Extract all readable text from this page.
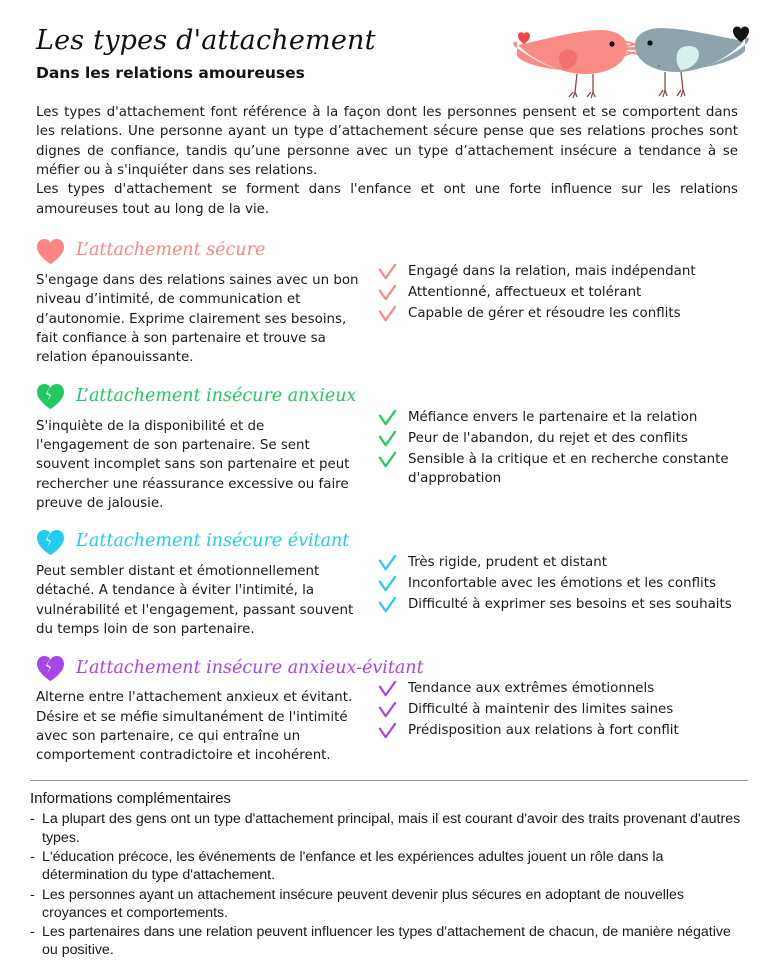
Les types d'attachement
Dans les relations amoureuses

Les types d'attachement font référence à la façon dont les personnes pensent et se comportent dans les relations. Une personne ayant un type d’attachement sécure pense que ses relations proches sont dignes de confiance, tandis qu’une personne avec un type d’attachement insécure a tendance à se méfier ou à s'inquiéter dans ses relations.

Les types d'attachement se forment dans l'enfance et ont une forte influence sur les relations amoureuses tout au long de la vie.

L’attachement sécure

S'engage dans des relations saines avec un bon niveau d’intimité, de communication et d’autonomie. Exprime clairement ses besoins, fait confiance à son partenaire et trouve sa relation épanouissante.

Engagé dans la relation, mais indépendant
Attentionné, affectueux et tolérant
Capable de gérer et résoudre les conflits
L’attachement insécure anxieux

S'inquiète de la disponibilité et de l'engagement de son partenaire. Se sent souvent incomplet sans son partenaire et peut rechercher une réassurance excessive ou faire preuve de jalousie.

Méfiance envers le partenaire et la relation
Peur de l'abandon, du rejet et des conflits
Sensible à la critique et en recherche constante d'approbation
L’attachement insécure évitant

Peut sembler distant et émotionnellement détaché. A tendance à éviter l'intimité, la vulnérabilité et l'engagement, passant souvent du temps loin de son partenaire.

Très rigide, prudent et distant
Inconfortable avec les émotions et les conflits
Difficulté à exprimer ses besoins et ses souhaits
L’attachement insécure anxieux-évitant

Alterne entre l'attachement anxieux et évitant. Désire et se méfie simultanément de l'intimité avec son partenaire, ce qui entraîne un comportement contradictoire et incohérent.

Tendance aux extrêmes émotionnels
Difficulté à maintenir des limites saines
Prédisposition aux relations à fort conflit
Informations complémentaires
- La plupart des gens ont un type d'attachement principal, mais il est courant d'avoir des traits provenant d'autres types.
- L'éducation précoce, les événements de l'enfance et les expériences adultes jouent un rôle dans la détermination du type d'attachement.
- Les personnes ayant un attachement insécure peuvent devenir plus sécures en adoptant de nouvelles croyances et comportements.
- Les partenaires dans une relation peuvent influencer les types d'attachement de chacun, de manière négative ou positive.
